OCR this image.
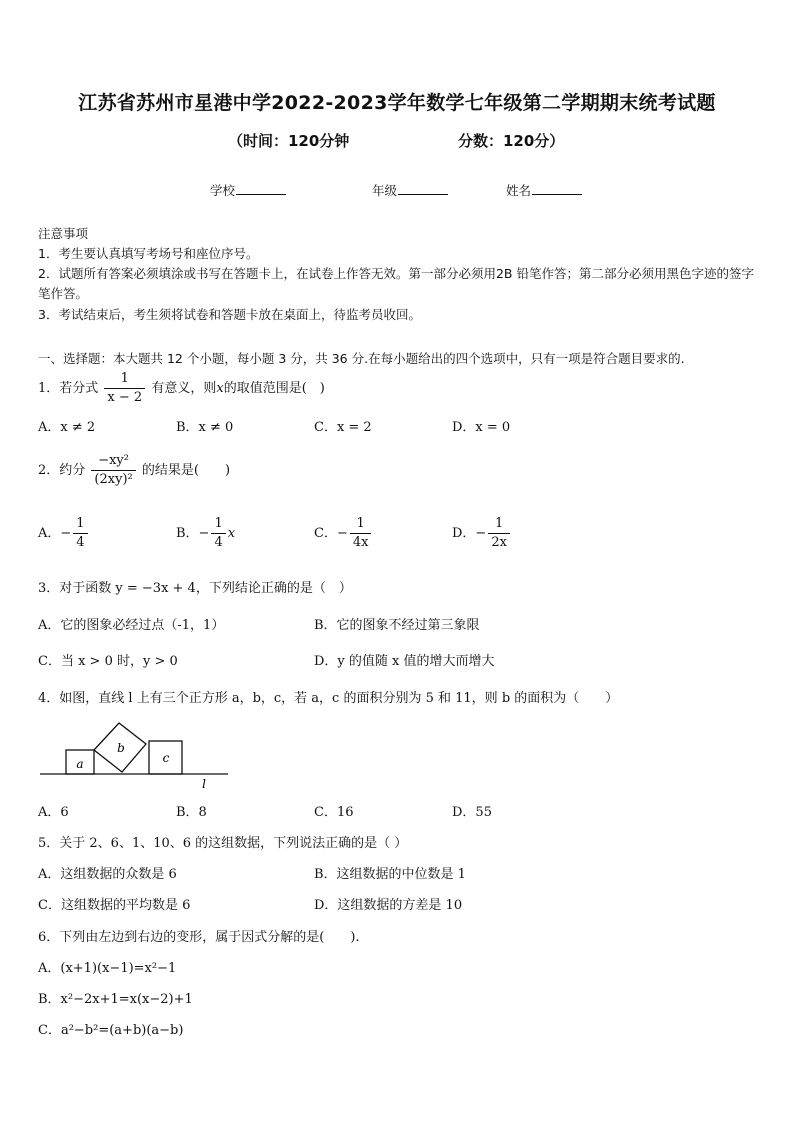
江苏省苏州市星港中学2022-2023学年数学七年级第二学期期末统考试题
（时间：120分钟	分数：120分）
学校	年级	姓名
注意事项
1．考生要认真填写考场号和座位序号。
2．试题所有答案必须填涂或书写在答题卡上，在试卷上作答无效。第一部分必须用2B 铅笔作答；第二部分必须用黑色字迹的签字笔作答。
3．考试结束后，考生须将试卷和答题卡放在桌面上，待监考员收回。
一、选择题：本大题共 12 个小题，每小题 3 分，共 36 分.在每小题给出的四个选项中，只有一项是符合题目要求的.
1．若分式 $\frac{1}{x - 2}$ 有意义，则x的取值范围是(　)
A．x ≠ 2	B．x ≠ 0	C．x = 2	D．x = 0
2．约分 $\frac{\text{−xy²}}{\text{(2xy)²}}$ 的结果是(　　)
A．− $\frac{1}{4}$	B．− $\frac{1}{4}$ x	C．− $\frac{1}{4x}$	D．− $\frac{1}{2x}$
3．对于函数 y = −3x + 4，下列结论正确的是（　）
A．它的图象必经过点（-1，1）	B．它的图象不经过第三象限
C．当 x > 0 时，y > 0	D．y 的值随 x 值的增大而增大
4．如图，直线 l 上有三个正方形 a，b，c，若 a，c 的面积分别为 5 和 11，则 b 的面积为（　　）
a
b
c
l
A．6	B．8	C．16	D．55
5．关于 2、6、1、10、6 的这组数据，下列说法正确的是（ ）
A．这组数据的众数是 6	B．这组数据的中位数是 1
C．这组数据的平均数是 6	D．这组数据的方差是 10
6．下列由左边到右边的变形，属于因式分解的是(　　).
A．(x+1)(x−1)=x²−1
B．x²−2x+1=x(x−2)+1
C．a²−b²=(a+b)(a−b)
